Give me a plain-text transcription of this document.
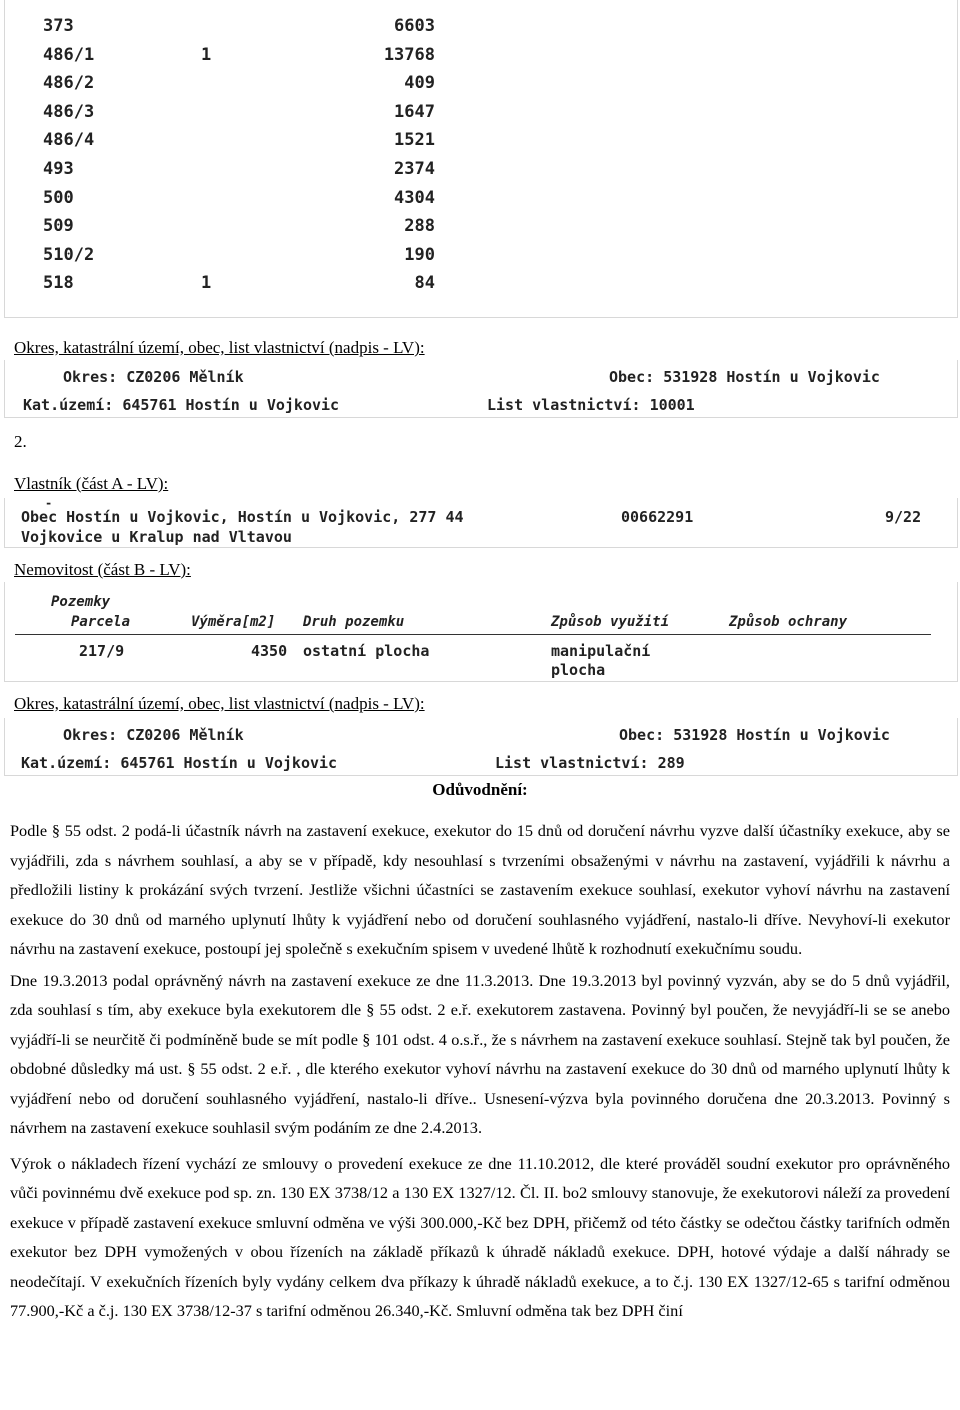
373	6603
486/1	1	13768
486/2	409
486/3	1647
486/4	1521
493	2374
500	4304
509	288
510/2	190
518	1	84
Okres, katastrální území, obec, list vlastnictví (nadpis - LV):
Okres: CZ0206 Mělník	Obec: 531928 Hostín u Vojkovic
Kat.území: 645761 Hostín u Vojkovic	List vlastnictví: 10001
2.
Vlastník (část A - LV):
Obec Hostín u Vojkovic, Hostín u Vojkovic, 277 44
-
Vojkovice u Kralup nad Vltavou
00662291	9/22
Nemovitost (část B - LV):
Pozemky
Parcela	Výměra[m2] Druh pozemku	Způsob využití	Způsob ochrany
217/9	4350 ostatní plocha	manipulační
plocha
Okres, katastrální území, obec, list vlastnictví (nadpis - LV):
Okres: CZ0206 Mělník	Obec: 531928 Hostín u Vojkovic
Kat.území: 645761 Hostín u Vojkovic	List vlastnictví: 289
Odůvodnění:

Podle § 55 odst. 2 podá-li účastník návrh na zastavení exekuce, exekutor do 15 dnů od doručení návrhu vyzve další účastníky exekuce, aby se vyjádřili, zda s návrhem souhlasí, a aby se v případě, kdy nesouhlasí s tvrzeními obsaženými v návrhu na zastavení, vyjádřili k návrhu a předložili listiny k prokázání svých tvrzení. Jestliže všichni účastníci se zastavením exekuce souhlasí, exekutor vyhoví návrhu na zastavení exekuce do 30 dnů od marného uplynutí lhůty k vyjádření nebo od doručení souhlasného vyjádření, nastalo-li dříve. Nevyhoví-li exekutor návrhu na zastavení exekuce, postoupí jej společně s exekučním spisem v uvedené lhůtě k rozhodnutí exekučnímu soudu.

Dne 19.3.2013 podal oprávněný návrh na zastavení exekuce ze dne 11.3.2013. Dne 19.3.2013 byl povinný vyzván, aby se do 5 dnů vyjádřil, zda souhlasí s tím, aby exekuce byla exekutorem dle § 55 odst. 2 e.ř. exekutorem zastavena. Povinný byl poučen, že nevyjádří-li se se anebo vyjádří-li se neurčitě či podmíněně bude se mít podle § 101 odst. 4 o.s.ř., že s návrhem na zastavení exekuce souhlasí. Stejně tak byl poučen, že obdobné důsledky má ust. § 55 odst. 2 e.ř. , dle kterého exekutor vyhoví návrhu na zastavení exekuce do 30 dnů od marného uplynutí lhůty k vyjádření nebo od doručení souhlasného vyjádření, nastalo-li dříve.. Usnesení-výzva byla povinného doručena dne 20.3.2013. Povinný s návrhem na zastavení exekuce souhlasil svým podáním ze dne 2.4.2013.

Výrok o nákladech řízení vychází ze smlouvy o provedení exekuce ze dne 11.10.2012, dle které prováděl soudní exekutor pro oprávněného vůči povinnému dvě exekuce pod sp. zn. 130 EX 3738/12 a 130 EX 1327/12. Čl. II. bo2 smlouvy stanovuje, že exekutorovi náleží za provedení exekuce v případě zastavení exekuce smluvní odměna ve výši 300.000,-Kč bez DPH, přičemž od této částky se odečtou částky tarifních odměn exekutor bez DPH vymožených v obou řízeních na základě příkazů k úhradě nákladů exekuce. DPH, hotové výdaje a další náhrady se neodečítají. V exekučních řízeních byly vydány celkem dva příkazy k úhradě nákladů exekuce, a to č.j. 130 EX 1327/12-65 s tarifní odměnou 77.900,-Kč a č.j. 130 EX 3738/12-37 s tarifní odměnou 26.340,-Kč. Smluvní odměna tak bez DPH činí
